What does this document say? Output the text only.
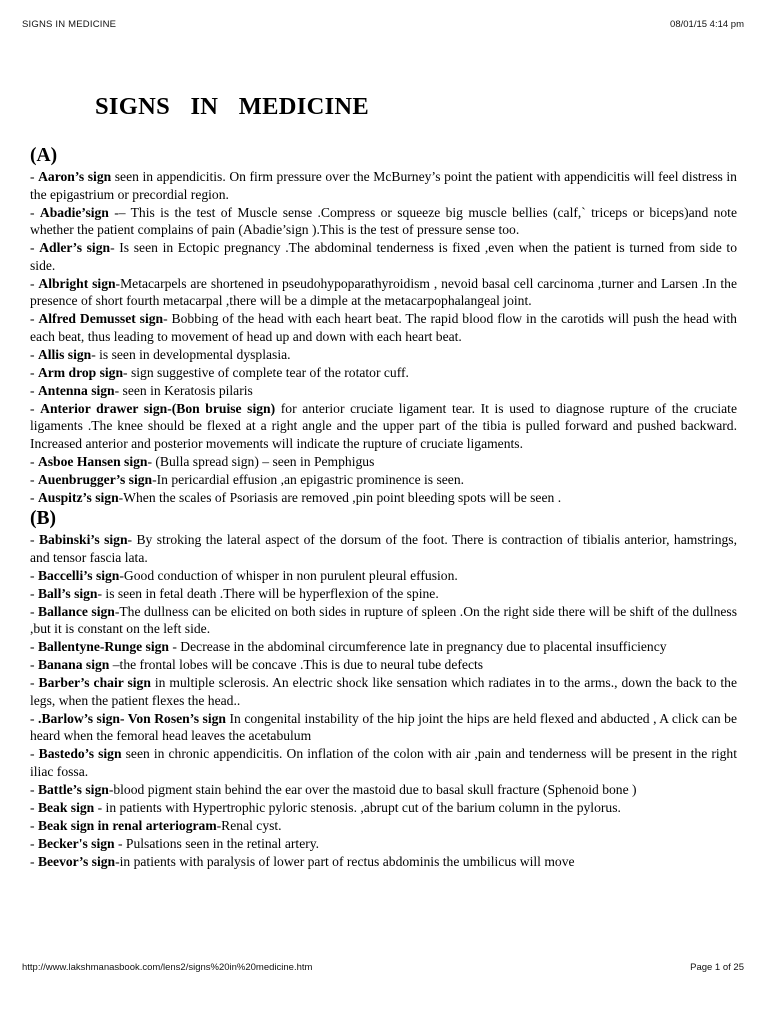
SIGNS IN MEDICINE	08/01/15 4:14 pm
SIGNS IN MEDICINE
(A)
- Aaron’s sign seen in appendicitis. On firm pressure over the McBurney’s point the patient with appendicitis will feel distress in the epigastrium or precordial region.
- Abadie’sign -– This is the test of Muscle sense .Compress or squeeze big muscle bellies (calf,` triceps or biceps)and note whether the patient complains of pain (Abadie’sign ).This is the test of pressure sense too.
- Adler’s sign- Is seen in Ectopic pregnancy .The abdominal tenderness is fixed ,even when the patient is turned from side to side.
- Albright sign-Metacarpels are shortened in pseudohypoparathyroidism , nevoid basal cell carcinoma ,turner and Larsen .In the presence of short fourth metacarpal ,there will be a dimple at the metacarpophalangeal joint.
- Alfred Demusset sign- Bobbing of the head with each heart beat. The rapid blood flow in the carotids will push the head with each beat, thus leading to movement of head up and down with each heart beat.
- Allis sign- is seen in developmental dysplasia.
- Arm drop sign- sign suggestive of complete tear of the rotator cuff.
- Antenna sign- seen in Keratosis pilaris
- Anterior drawer sign-(Bon bruise sign) for anterior cruciate ligament tear. It is used to diagnose rupture of the cruciate ligaments .The knee should be flexed at a right angle and the upper part of the tibia is pulled forward and pushed backward. Increased anterior and posterior movements will indicate the rupture of cruciate ligaments.
- Asboe Hansen sign- (Bulla spread sign) – seen in Pemphigus
- Auenbrugger’s sign-In pericardial effusion ,an epigastric prominence is seen.
- Auspitz’s sign-When the scales of Psoriasis are removed ,pin point bleeding spots will be seen .
(B)
- Babinski’s sign- By stroking the lateral aspect of the dorsum of the foot. There is contraction of tibialis anterior, hamstrings, and tensor fascia lata.
- Baccelli’s sign-Good conduction of whisper in non purulent pleural effusion.
- Ball’s sign- is seen in fetal death .There will be hyperflexion of the spine.
- Ballance sign-The dullness can be elicited on both sides in rupture of spleen .On the right side there will be shift of the dullness ,but it is constant on the left side.
- Ballentyne-Runge sign - Decrease in the abdominal circumference late in pregnancy due to placental insufficiency
- Banana sign –the frontal lobes will be concave .This is due to neural tube defects
- Barber’s chair sign in multiple sclerosis. An electric shock like sensation which radiates in to the arms., down the back to the legs, when the patient flexes the head..
- .Barlow’s sign- Von Rosen’s sign In congenital instability of the hip joint the hips are held flexed and abducted , A click can be heard when the femoral head leaves the acetabulum
- Bastedo’s sign seen in chronic appendicitis. On inflation of the colon with air ,pain and tenderness will be present in the right iliac fossa.
- Battle’s sign-blood pigment stain behind the ear over the mastoid due to basal skull fracture (Sphenoid bone )
- Beak sign - in patients with Hypertrophic pyloric stenosis. ,abrupt cut of the barium column in the pylorus.
- Beak sign in renal arteriogram-Renal cyst.
- Becker's sign - Pulsations seen in the retinal artery.
- Beevor’s sign-in patients with paralysis of lower part of rectus abdominis the umbilicus will move
http://www.lakshmanasbook.com/lens2/signs%20in%20medicine.htm	Page 1 of 25
